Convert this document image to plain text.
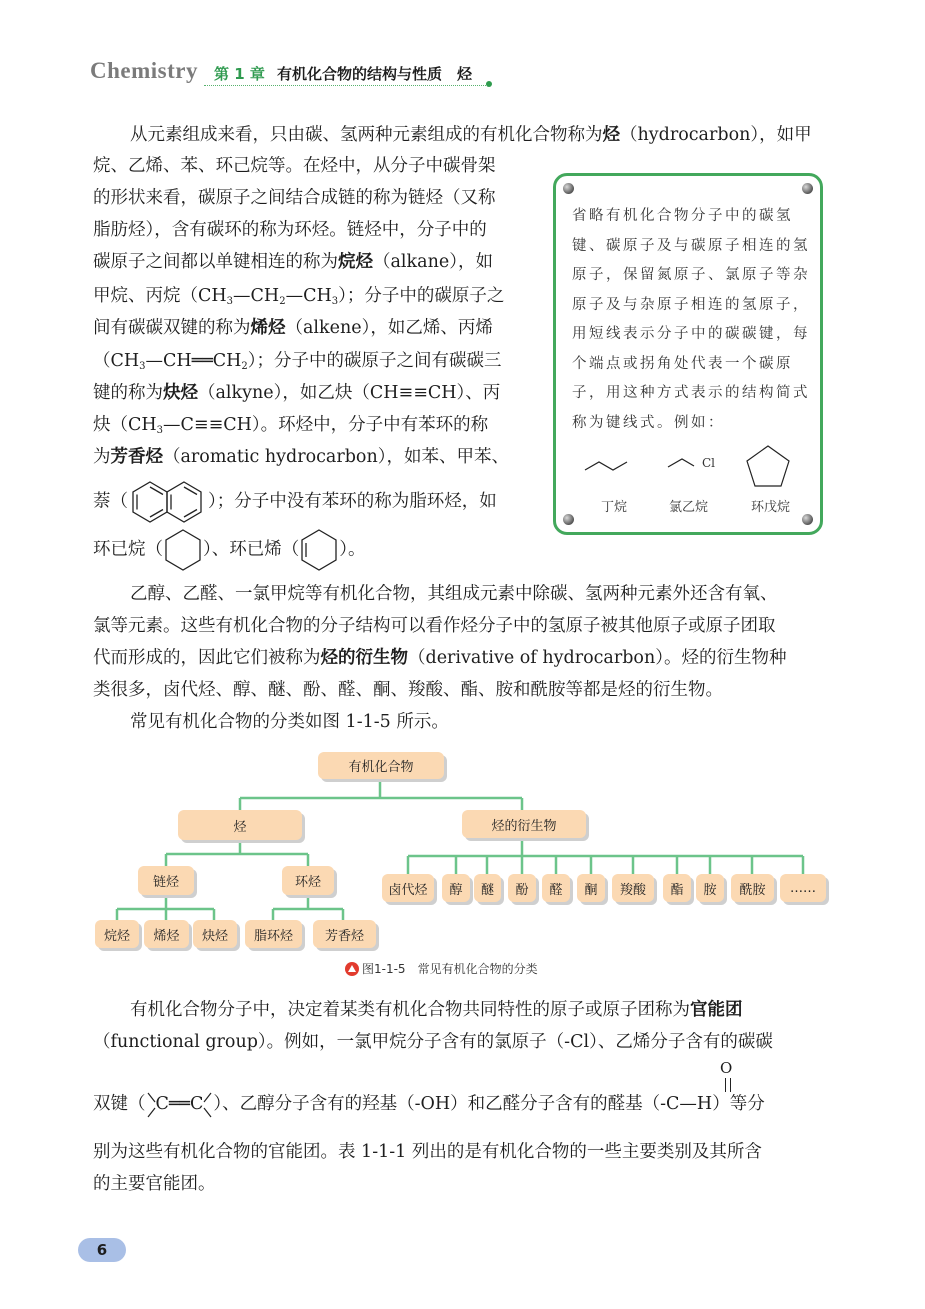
Chemistry 第 1 章 有机化合物的结构与性质　烃

从元素组成来看，只由碳、氢两种元素组成的有机化合物称为烃（hydrocarbon），如甲

烷、乙烯、苯、环己烷等。在烃中，从分子中碳骨架

的形状来看，碳原子之间结合成链的称为链烃（又称

脂肪烃），含有碳环的称为环烃。链烃中，分子中的

碳原子之间都以单键相连的称为烷烃（alkane），如

甲烷、丙烷$(CH_3—CH_2—CH_3)$；分子中的碳原子之

间有碳碳双键的称为烯烃（alkene），如乙烯、丙烯

$(CH_3—CH══CH_2)$；分子中的碳原子之间有碳碳三

键的称为炔烃（alkyne），如乙炔（CH≡≡CH）、丙

炔$(CH_3—C\equiv\equiv CH)$。环烃中，分子中有苯环的称

为芳香烃（aromatic hydrocarbon），如苯、甲苯、

萘（	）；分子中没有苯环的称为脂环烃，如

环已烷（ ）、环已烯（ ）。

省略有机化合物分子中的碳氢键、碳原子及与碳原子相连的氢原子，保留氮原子、氯原子等杂原子及与杂原子相连的氢原子，用短线表示分子中的碳碳键，每个端点或拐角处代表一个碳原子，用这种方式表示的结构简式称为键线式。例如：

Cl
丁烷	氯乙烷	环戊烷

乙醇、乙醛、一氯甲烷等有机化合物，其组成元素中除碳、氢两种元素外还含有氧、

氯等元素。这些有机化合物的分子结构可以看作烃分子中的氢原子被其他原子或原子团取

代而形成的，因此它们被称为烃的衍生物（derivative of hydrocarbon）。烃的衍生物种

类很多，卤代烃、醇、醚、酚、醛、酮、羧酸、酯、胺和酰胺等都是烃的衍生物。

常见有机化合物的分类如图 1-1-5 所示。

有机化合物
烃	烃的衍生物
链烃	环烃
烷烃	烯烃	炔烃	脂环烃	芳香烃
卤代烃	醇	醚	酚	醛	酮	羧酸	酯	胺	酰胺	……
图1-1-5　常见有机化合物的分类

有机化合物分子中，决定着某类有机化合物共同特性的原子或原子团称为官能团

（functional group）。例如，一氯甲烷分子含有的氯原子（-Cl）、乙烯分子含有的碳碳

O

双键（ C══C ）、乙醇分子含有的羟基（-OH）和乙醛分子含有的醛基（-C—H）等分

别为这些有机化合物的官能团。表 1-1-1 列出的是有机化合物的一些主要类别及其所含

的主要官能团。

6
